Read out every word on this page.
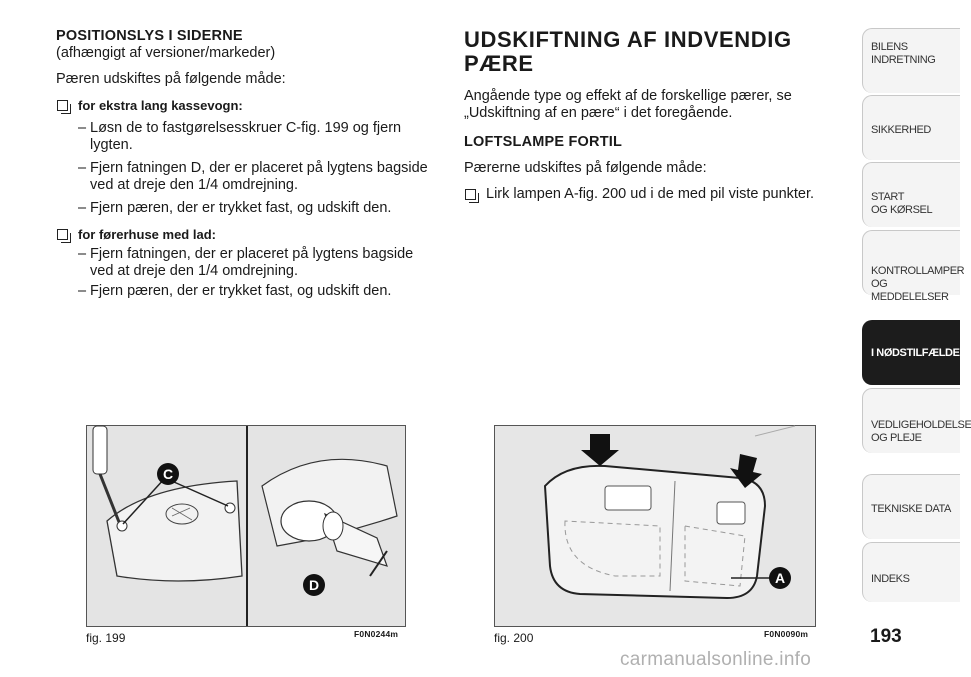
POSITIONSLYS I SIDERNE

(afhængigt af versioner/markeder)

Pæren udskiftes på følgende måde:

for ekstra lang kassevogn:
– Løsn de to fastgørelsesskruer C-fig. 199 og fjern lygten.
– Fjern fatningen D, der er placeret på lygtens bagside ved at dreje den 1/4 omdrejning.
– Fjern pæren, der er trykket fast, og udskift den.
for førerhuse med lad:
– Fjern fatningen, der er placeret på lygtens bagside ved at dreje den 1/4 omdrejning.
– Fjern pæren, der er trykket fast, og udskift den.
UDSKIFTNING AF INDVENDIG
PÆRE

Angående type og effekt af de forskellige pærer, se „Udskiftning af en pære“ i det foregående.

LOFTSLAMPE FORTIL

Pærerne udskiftes på følgende måde:

Lirk lampen A-fig. 200 ud i de med pil viste punkter.
C
D
fig. 199	F0N0244m
A
fig. 200	F0N0090m
BILENS
INDRETNING
SIKKERHED
START
OG KØRSEL
KONTROLLAMPER
OG MEDDELELSER
I NØDSTILFÆLDE
VEDLIGEHOLDELSE
OG PLEJE
TEKNISKE DATA
INDEKS
193
carmanualsonline.info
